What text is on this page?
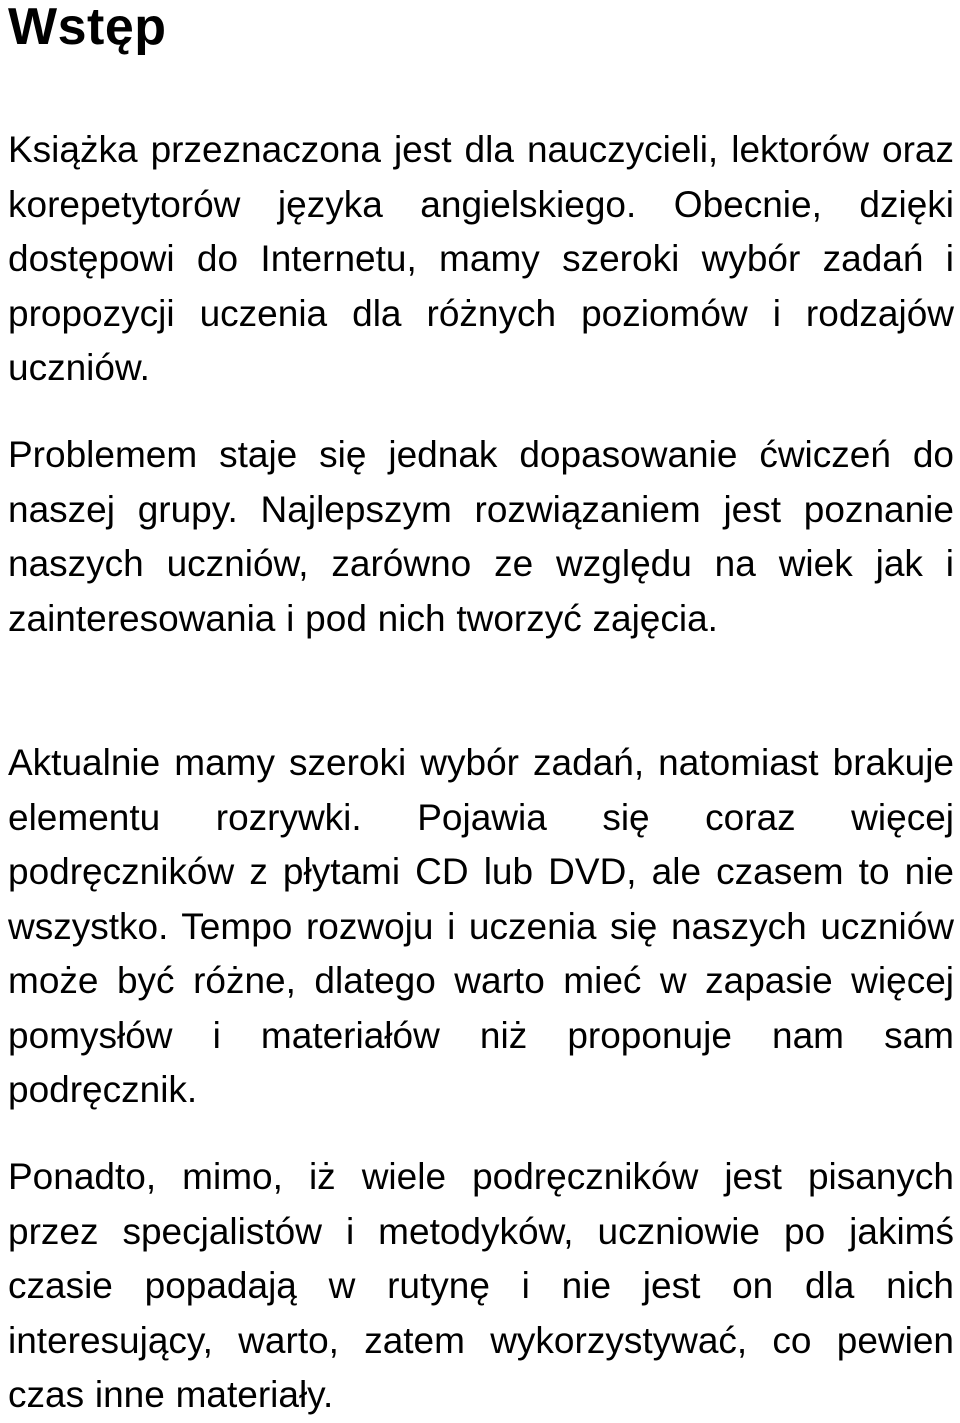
Wstęp

Książka przeznaczona jest dla nauczycieli, lektorów oraz korepetytorów języka angielskiego. Obecnie, dzięki dostępowi do Internetu, mamy szeroki wybór zadań i propozycji uczenia dla różnych poziomów i rodzajów uczniów.

Problemem staje się jednak dopasowanie ćwiczeń do naszej grupy. Najlepszym rozwiązaniem jest poznanie naszych uczniów, zarówno ze względu na wiek jak i zainteresowania i pod nich tworzyć zajęcia.

Aktualnie mamy szeroki wybór zadań, natomiast brakuje elementu rozrywki. Pojawia się coraz więcej podręczników z płytami CD lub DVD, ale czasem to nie wszystko. Tempo rozwoju i uczenia się naszych uczniów może być różne, dlatego warto mieć w zapasie więcej pomysłów i materiałów niż proponuje nam sam podręcznik.

Ponadto, mimo, iż wiele podręczników jest pisanych przez specjalistów i metodyków, uczniowie po jakimś czasie popadają w rutynę i nie jest on dla nich interesujący, warto, zatem wykorzystywać, co pewien czas inne materiały.
